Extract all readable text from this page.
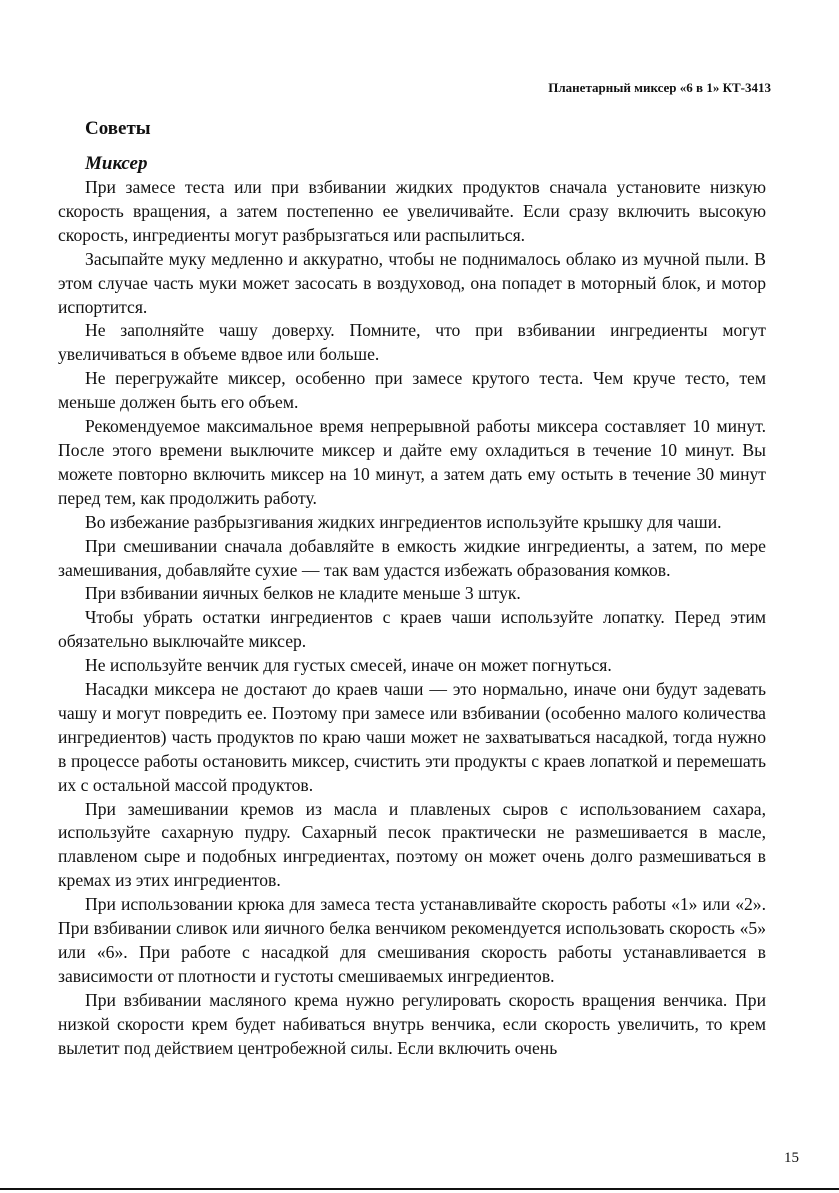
Планетарный миксер «6 в 1» КТ-3413
Советы
Миксер

При замесе теста или при взбивании жидких продуктов сначала установите низкую скорость вращения, а затем постепенно ее увеличивайте. Если сразу включить высокую скорость, ингредиенты могут разбрызгаться или распылиться.

Засыпайте муку медленно и аккуратно, чтобы не поднималось облако из мучной пыли. В этом случае часть муки может засосать в воздуховод, она попадет в моторный блок, и мотор испортится.

Не заполняйте чашу доверху. Помните, что при взбивании ингредиенты могут увеличиваться в объеме вдвое или больше.

Не перегружайте миксер, особенно при замесе крутого теста. Чем круче тесто, тем меньше должен быть его объем.

Рекомендуемое максимальное время непрерывной работы миксера составляет 10 минут. После этого времени выключите миксер и дайте ему охладиться в течение 10 минут. Вы можете повторно включить миксер на 10 минут, а затем дать ему остыть в течение 30 минут перед тем, как продолжить работу.

Во избежание разбрызгивания жидких ингредиентов используйте крышку для чаши.

При смешивании сначала добавляйте в емкость жидкие ингредиенты, а затем, по мере замешивания, добавляйте сухие — так вам удастся избежать образования комков.

При взбивании яичных белков не кладите меньше 3 штук.

Чтобы убрать остатки ингредиентов с краев чаши используйте лопатку. Перед этим обязательно выключайте миксер.

Не используйте венчик для густых смесей, иначе он может погнуться.

Насадки миксера не достают до краев чаши — это нормально, иначе они будут задевать чашу и могут повредить ее. Поэтому при замесе или взбивании (особенно малого количества ингредиентов) часть продуктов по краю чаши может не захватываться насадкой, тогда нужно в процессе работы остановить миксер, счистить эти продукты с краев лопаткой и перемешать их с остальной массой продуктов.

При замешивании кремов из масла и плавленых сыров с использованием сахара, используйте сахарную пудру. Сахарный песок практически не размешивается в масле, плавленом сыре и подобных ингредиентах, поэтому он может очень долго размешиваться в кремах из этих ингредиентов.

При использовании крюка для замеса теста устанавливайте скорость работы «1» или «2». При взбивании сливок или яичного белка венчиком рекомендуется использовать скорость «5» или «6». При работе с насадкой для смешивания скорость работы устанавливается в зависимости от плотности и густоты смешиваемых ингредиентов.

При взбивании масляного крема нужно регулировать скорость вращения венчика. При низкой скорости крем будет набиваться внутрь венчика, если скорость увеличить, то крем вылетит под действием центробежной силы. Если включить очень

15
